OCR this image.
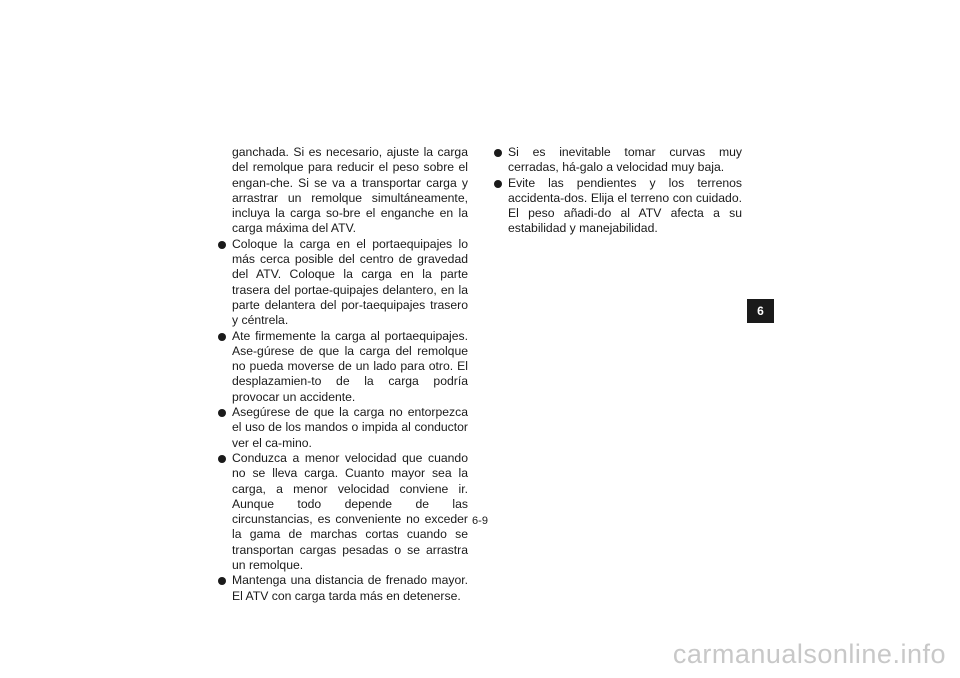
ganchada. Si es necesario, ajuste la carga del remolque para reducir el peso sobre el engan-che. Si se va a transportar carga y arrastrar un remolque simultáneamente, incluya la carga so-bre el enganche en la carga máxima del ATV.

Coloque la carga en el portaequipajes lo más cerca posible del centro de gravedad del ATV. Coloque la carga en la parte trasera del portae-quipajes delantero, en la parte delantera del por-taequipajes trasero y céntrela.

Ate firmemente la carga al portaequipajes. Ase-gúrese de que la carga del remolque no pueda moverse de un lado para otro. El desplazamien-to de la carga podría provocar un accidente.

Asegúrese de que la carga no entorpezca el uso de los mandos o impida al conductor ver el ca-mino.

Conduzca a menor velocidad que cuando no se lleva carga. Cuanto mayor sea la carga, a menor velocidad conviene ir. Aunque todo depende de las circunstancias, es conveniente no exceder la gama de marchas cortas cuando se transportan cargas pesadas o se arrastra un remolque.

Mantenga una distancia de frenado mayor. El ATV con carga tarda más en detenerse.

Si es inevitable tomar curvas muy cerradas, há-galo a velocidad muy baja.

Evite las pendientes y los terrenos accidenta-dos. Elija el terreno con cuidado. El peso añadi-do al ATV afecta a su estabilidad y manejabilidad.

6
6-9
carmanualsonline.info
